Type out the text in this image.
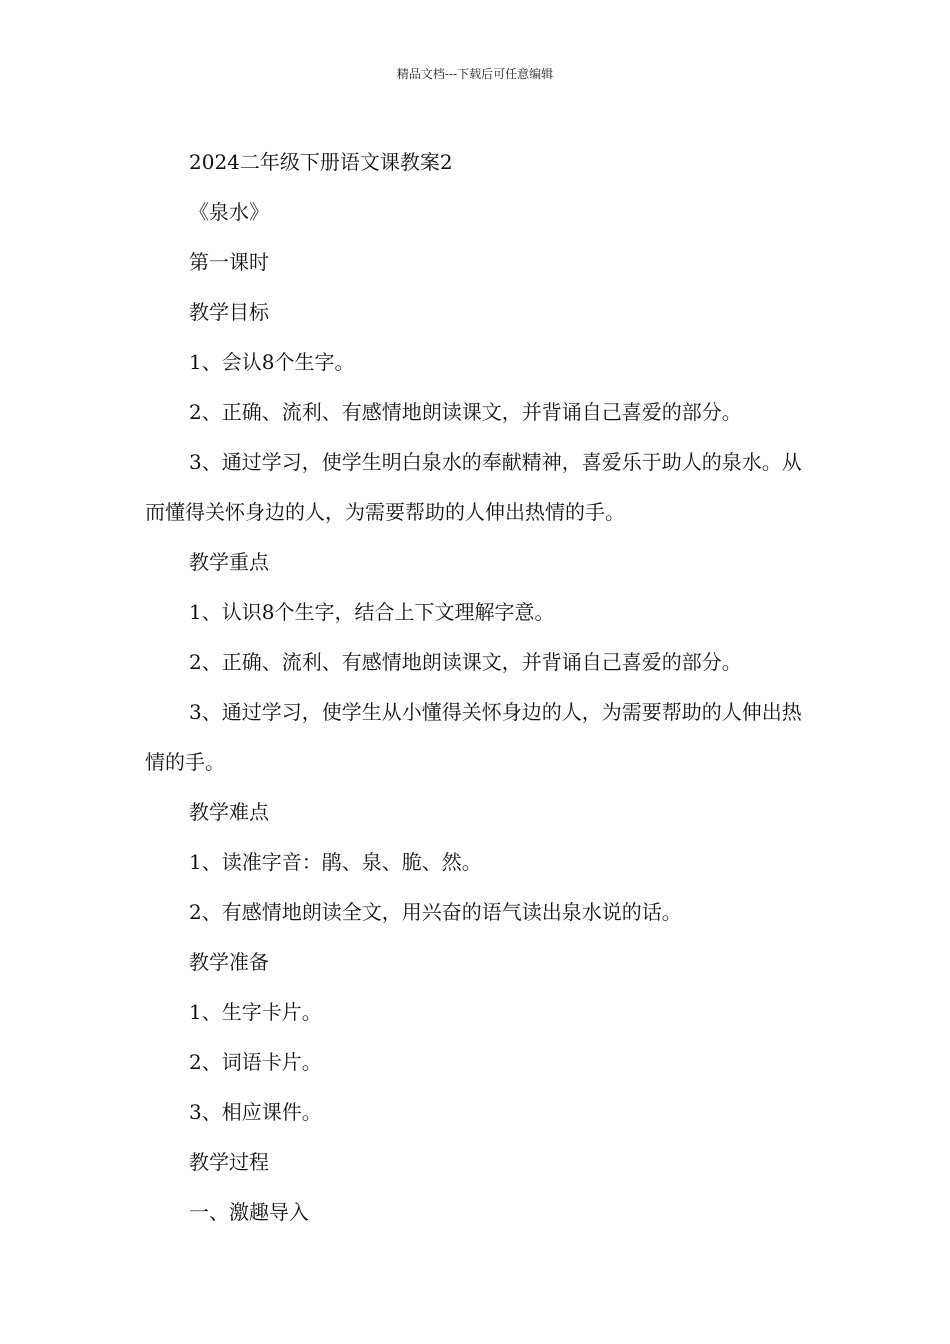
精品文档---下载后可任意编辑

2024二年级下册语文课教案2

《泉水》

第一课时

教学目标

1、会认8个生字。

2、正确、流利、有感情地朗读课文，并背诵自己喜爱的部分。

3、通过学习，使学生明白泉水的奉献精神，喜爱乐于助人的泉水。从而懂得关怀身边的人，为需要帮助的人伸出热情的手。

教学重点

1、认识8个生字，结合上下文理解字意。

2、正确、流利、有感情地朗读课文，并背诵自己喜爱的部分。

3、通过学习，使学生从小懂得关怀身边的人，为需要帮助的人伸出热情的手。

教学难点

1、读准字音：鹃、泉、脆、然。

2、有感情地朗读全文，用兴奋的语气读出泉水说的话。

教学准备

1、生字卡片。

2、词语卡片。

3、相应课件。

教学过程

一、激趣导入
